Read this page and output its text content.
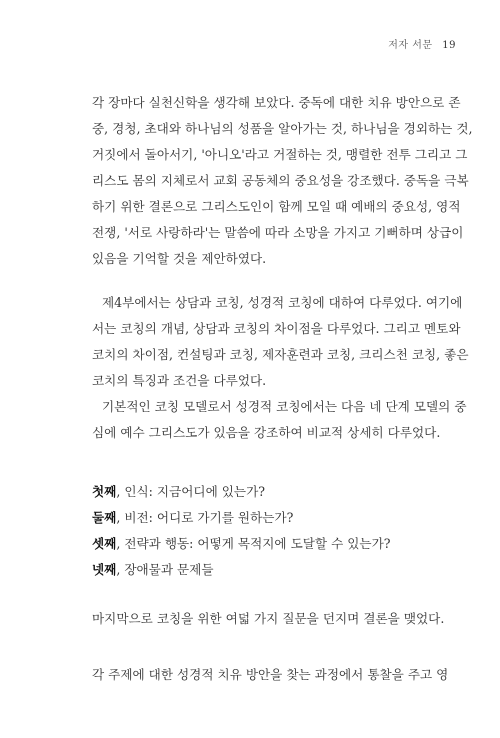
저자 서문 19

각 장마다 실천신학을 생각해 보았다. 중독에 대한 치유 방안으로 존
중, 경청, 초대와 하나님의 성품을 알아가는 것, 하나님을 경외하는 것,
거짓에서 돌아서기, '아니오'라고 거절하는 것, 맹렬한 전투 그리고 그
리스도 몸의 지체로서 교회 공동체의 중요성을 강조했다. 중독을 극복
하기 위한 결론으로 그리스도인이 함께 모일 때 예배의 중요성, 영적
전쟁, '서로 사랑하라'는 말씀에 따라 소망을 가지고 기뻐하며 상급이
있음을 기억할 것을 제안하였다.

제4부에서는 상담과 코칭, 성경적 코칭에 대하여 다루었다. 여기에
서는 코칭의 개념, 상담과 코칭의 차이점을 다루었다. 그리고 멘토와
코치의 차이점, 컨설팅과 코칭, 제자훈련과 코칭, 크리스천 코칭, 좋은
코치의 특징과 조건을 다루었다.

기본적인 코칭 모델로서 성경적 코칭에서는 다음 네 단계 모델의 중
심에 예수 그리스도가 있음을 강조하여 비교적 상세히 다루었다.

첫째, 인식: 지금어디에 있는가?
둘째, 비전: 어디로 가기를 원하는가?
셋째, 전략과 행동: 어떻게 목적지에 도달할 수 있는가?
넷째, 장애물과 문제들

마지막으로 코칭을 위한 여덟 가지 질문을 던지며 결론을 맺었다.

각 주제에 대한 성경적 치유 방안을 찾는 과정에서 통찰을 주고 영
